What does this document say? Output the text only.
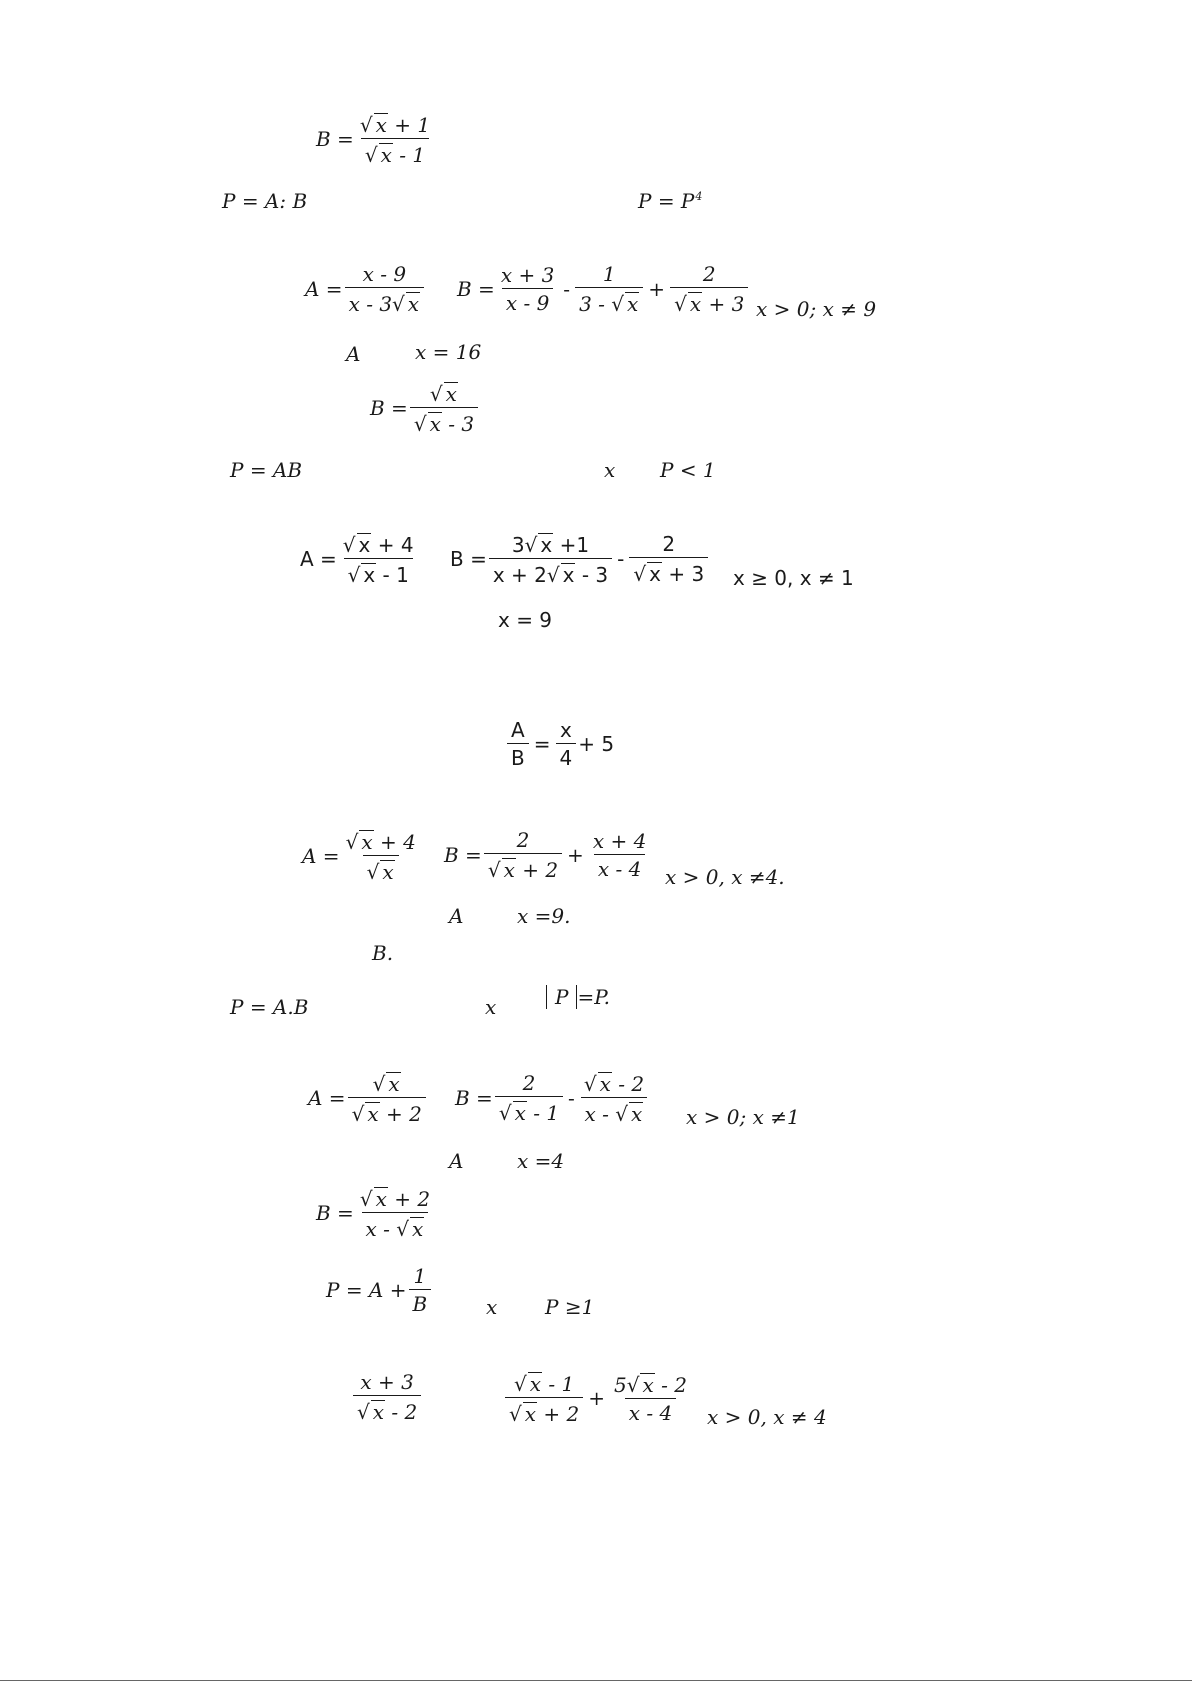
$B = \frac{√ x + 1}{√ x - 1}$
P = A: B	$P = P^4$
$A = \frac{x - 9}{x - 3√ x}$ $B = \frac{x + 3}{x - 9} - \frac{1}{3 - √ x} + \frac{2}{√ x + 3}$ x > 0; x ≠ 9
A	x = 16
$B = \frac{√ x}{√ x - 3}$
P = AB	x P < 1
$A = \frac{√ x + 4}{√ x - 1}$ $B = \frac{3√ x +1}{x + 2√ x - 3} - \frac{2}{√ x + 3}$ x ≥ 0, x ≠ 1
x = 9
$\frac{A}{B} = \frac{x}{4} + 5$
$A = \frac{√ x + 4}{√ x}$ $B = \frac{2}{√ x + 2} + \frac{x + 4}{x - 4}$ x > 0, x ≠4.
A	x =9.
B.
P = A.B	x	P =P.
$A = \frac{√ x}{√ x + 2}$ $B = \frac{2}{√ x - 1} - \frac{√ x - 2}{x - √ x}$ x > 0; x ≠1
A	x =4
$B = \frac{√ x + 2}{x - √ x}$
$P = A + \frac{1}{B}$	x P ≥1
$\frac{x + 3}{√ x - 2}$	$\frac{√ x - 1}{√ x + 2} + \frac{5√ x - 2}{x - 4}$ x > 0, x ≠ 4
